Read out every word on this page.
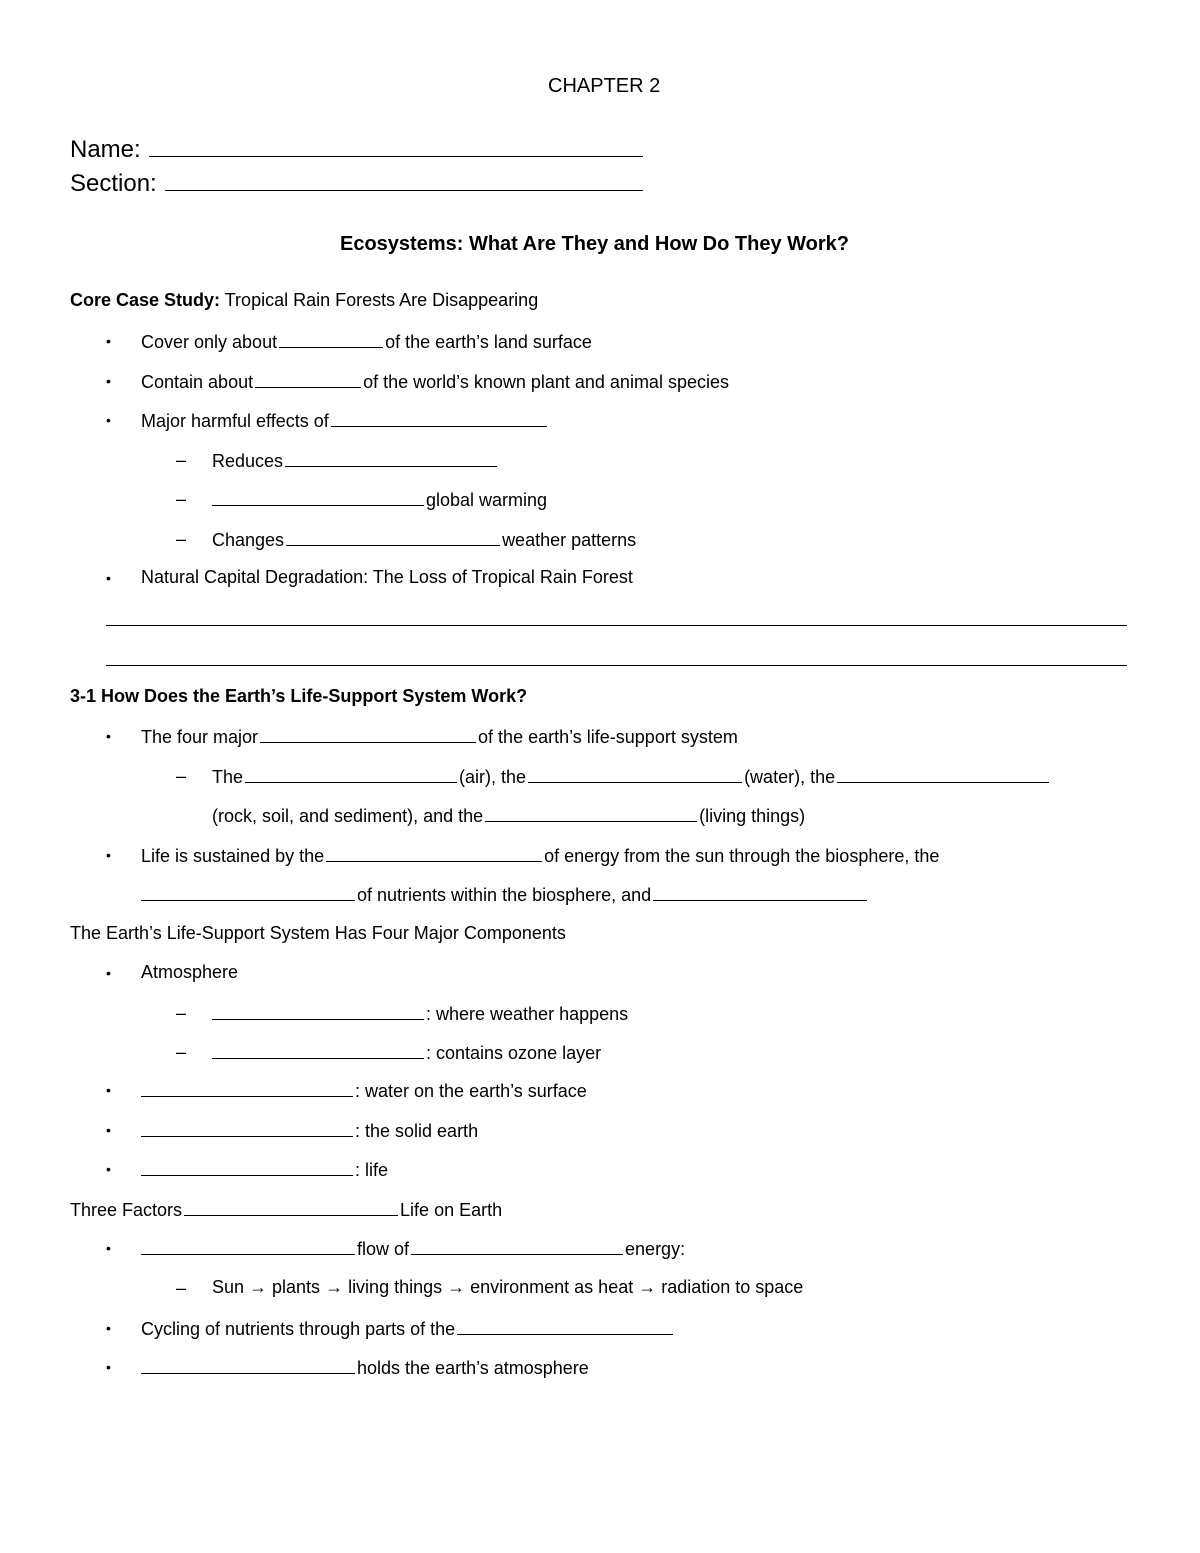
CHAPTER 2
Name:
Section:
Ecosystems: What Are They and How Do They Work?
Core Case Study: Tropical Rain Forests Are Disappearing
• Cover only about	of the earth’s land surface
• Contain about	of the world’s known plant and animal species
• Major harmful effects of
– Reduces
–	global warming
– Changes	weather patterns
• Natural Capital Degradation: The Loss of Tropical Rain Forest
3-1 How Does the Earth’s Life-Support System Work?
• The four major	of the earth’s life-support system
– The	(air), the	(water), the
(rock, soil, and sediment), and the	(living things)
• Life is sustained by the	of energy from the sun through the biosphere, the
of nutrients within the biosphere, and
The Earth’s Life-Support System Has Four Major Components
• Atmosphere
–	: where weather happens
–	: contains ozone layer
•	: water on the earth’s surface
•	: the solid earth
•	: life
Three Factors	Life on Earth
•	flow of	energy:
– Sun → plants → living things → environment as heat → radiation to space
• Cycling of nutrients through parts of the
•	holds the earth’s atmosphere
